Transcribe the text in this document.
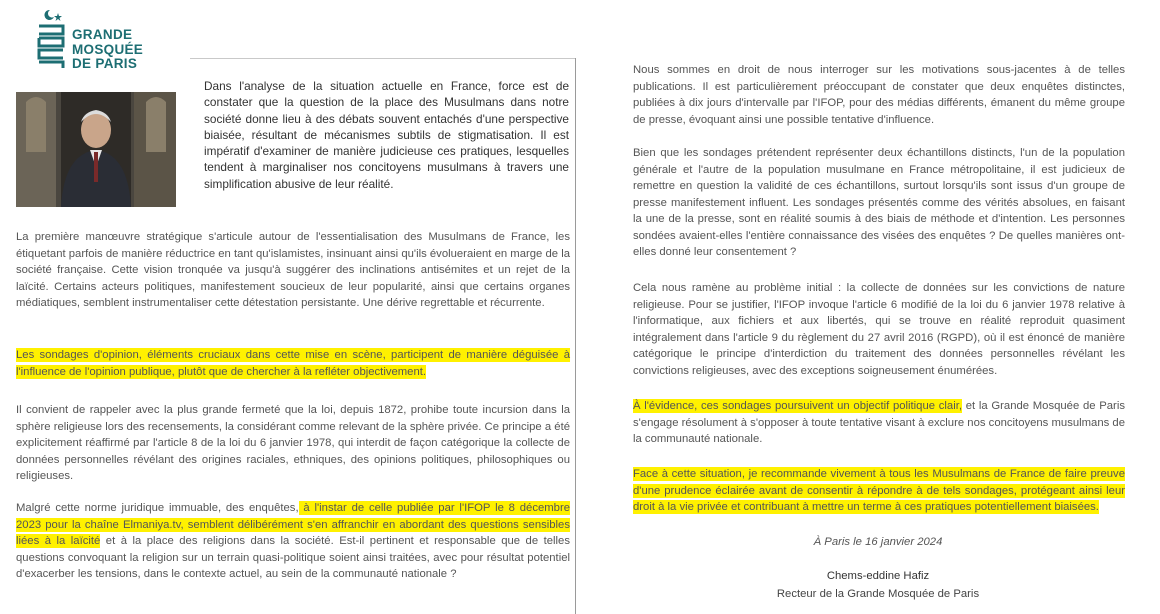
GRANDE
MOSQUÉE
DE PARIS

Dans l'analyse de la situation actuelle en France, force est de constater que la question de la place des Musulmans dans notre société donne lieu à des débats souvent entachés d'une perspective biaisée, résultant de mécanismes subtils de stigmatisation. Il est impératif d'examiner de manière judicieuse ces pratiques, lesquelles tendent à marginaliser nos concitoyens musulmans à travers une simplification abusive de leur réalité.

La première manœuvre stratégique s'articule autour de l'essentialisation des Musulmans de France, les étiquetant parfois de manière réductrice en tant qu'islamistes, insinuant ainsi qu'ils évolueraient en marge de la société française. Cette vision tronquée va jusqu'à suggérer des inclinations antisémites et un rejet de la laïcité. Certains acteurs politiques, manifestement soucieux de leur popularité, ainsi que certains organes médiatiques, semblent instrumentaliser cette détestation persistante. Une dérive regrettable et récurrente.

Les sondages d'opinion, éléments cruciaux dans cette mise en scène, participent de manière déguisée à l'influence de l'opinion publique, plutôt que de chercher à la refléter objectivement.

Il convient de rappeler avec la plus grande fermeté que la loi, depuis 1872, prohibe toute incursion dans la sphère religieuse lors des recensements, la considérant comme relevant de la sphère privée. Ce principe a été explicitement réaffirmé par l'article 8 de la loi du 6 janvier 1978, qui interdit de façon catégorique la collecte de données personnelles révélant des origines raciales, ethniques, des opinions politiques, philosophiques ou religieuses.

Malgré cette norme juridique immuable, des enquêtes, à l'instar de celle publiée par l'IFOP le 8 décembre 2023 pour la chaîne Elmaniya.tv, semblent délibérément s'en affranchir en abordant des questions sensibles liées à la laïcité et à la place des religions dans la société. Est-il pertinent et responsable que de telles questions convoquant la religion sur un terrain quasi-politique soient ainsi traitées, avec pour résultat potentiel d'exacerber les tensions, dans le contexte actuel, au sein de la communauté nationale ?

Nous sommes en droit de nous interroger sur les motivations sous-jacentes à de telles publications. Il est particulièrement préoccupant de constater que deux enquêtes distinctes, publiées à dix jours d'intervalle par l'IFOP, pour des médias différents, émanent du même groupe de presse, évoquant ainsi une possible tentative d'influence.

Bien que les sondages prétendent représenter deux échantillons distincts, l'un de la population générale et l'autre de la population musulmane en France métropolitaine, il est judicieux de remettre en question la validité de ces échantillons, surtout lorsqu'ils sont issus d'un groupe de presse manifestement influent. Les sondages présentés comme des vérités absolues, en faisant la une de la presse, sont en réalité soumis à des biais de méthode et d'intention. Les personnes sondées avaient-elles l'entière connaissance des visées des enquêtes ? De quelles manières ont-elles donné leur consentement ?

Cela nous ramène au problème initial : la collecte de données sur les convictions de nature religieuse. Pour se justifier, l'IFOP invoque l'article 6 modifié de la loi du 6 janvier 1978 relative à l'informatique, aux fichiers et aux libertés, qui se trouve en réalité reproduit quasiment intégralement dans l'article 9 du règlement du 27 avril 2016 (RGPD), où il est énoncé de manière catégorique le principe d'interdiction du traitement des données personnelles révélant les convictions religieuses, avec des exceptions soigneusement énumérées.

À l'évidence, ces sondages poursuivent un objectif politique clair, et la Grande Mosquée de Paris s'engage résolument à s'opposer à toute tentative visant à exclure nos concitoyens musulmans de la communauté nationale.

Face à cette situation, je recommande vivement à tous les Musulmans de France de faire preuve d'une prudence éclairée avant de consentir à répondre à de tels sondages, protégeant ainsi leur droit à la vie privée et contribuant à mettre un terme à ces pratiques potentiellement biaisées.

À Paris le 16 janvier 2024
Chems-eddine Hafiz
Recteur de la Grande Mosquée de Paris
